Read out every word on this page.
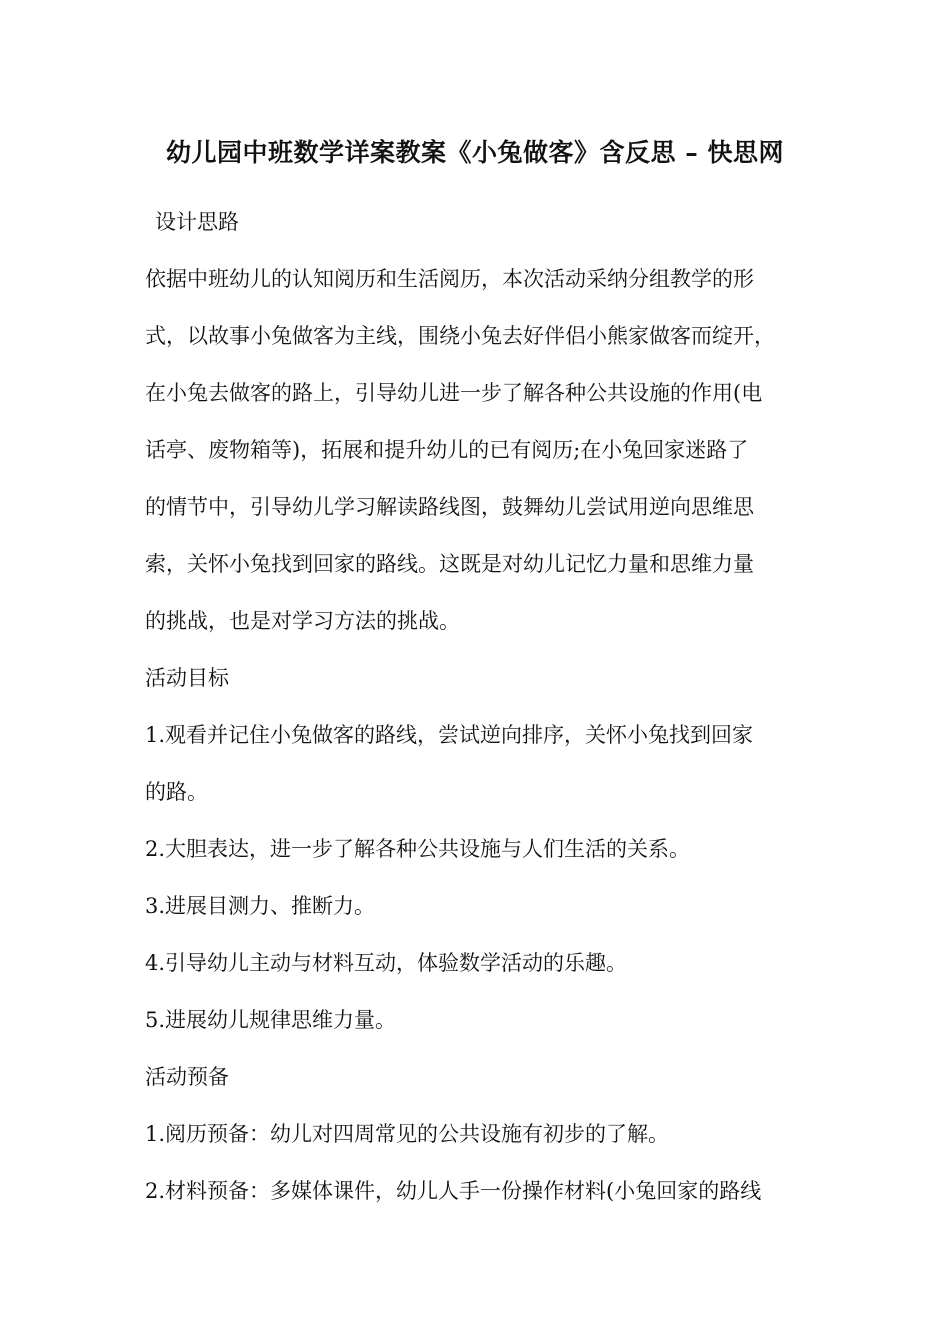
幼儿园中班数学详案教案《小兔做客》含反思 – 快思网
设计思路
依据中班幼儿的认知阅历和生活阅历，本次活动采纳分组教学的形
式，以故事小兔做客为主线，围绕小兔去好伴侣小熊家做客而绽开，
在小兔去做客的路上，引导幼儿进一步了解各种公共设施的作用(电
话亭、废物箱等)，拓展和提升幼儿的已有阅历;在小兔回家迷路了
的情节中，引导幼儿学习解读路线图，鼓舞幼儿尝试用逆向思维思
索，关怀小兔找到回家的路线。这既是对幼儿记忆力量和思维力量
的挑战，也是对学习方法的挑战。
活动目标
1.观看并记住小兔做客的路线，尝试逆向排序，关怀小兔找到回家
的路。
2.大胆表达，进一步了解各种公共设施与人们生活的关系。
3.进展目测力、推断力。
4.引导幼儿主动与材料互动，体验数学活动的乐趣。
5.进展幼儿规律思维力量。
活动预备
1.阅历预备：幼儿对四周常见的公共设施有初步的了解。
2.材料预备：多媒体课件，幼儿人手一份操作材料(小兔回家的路线
